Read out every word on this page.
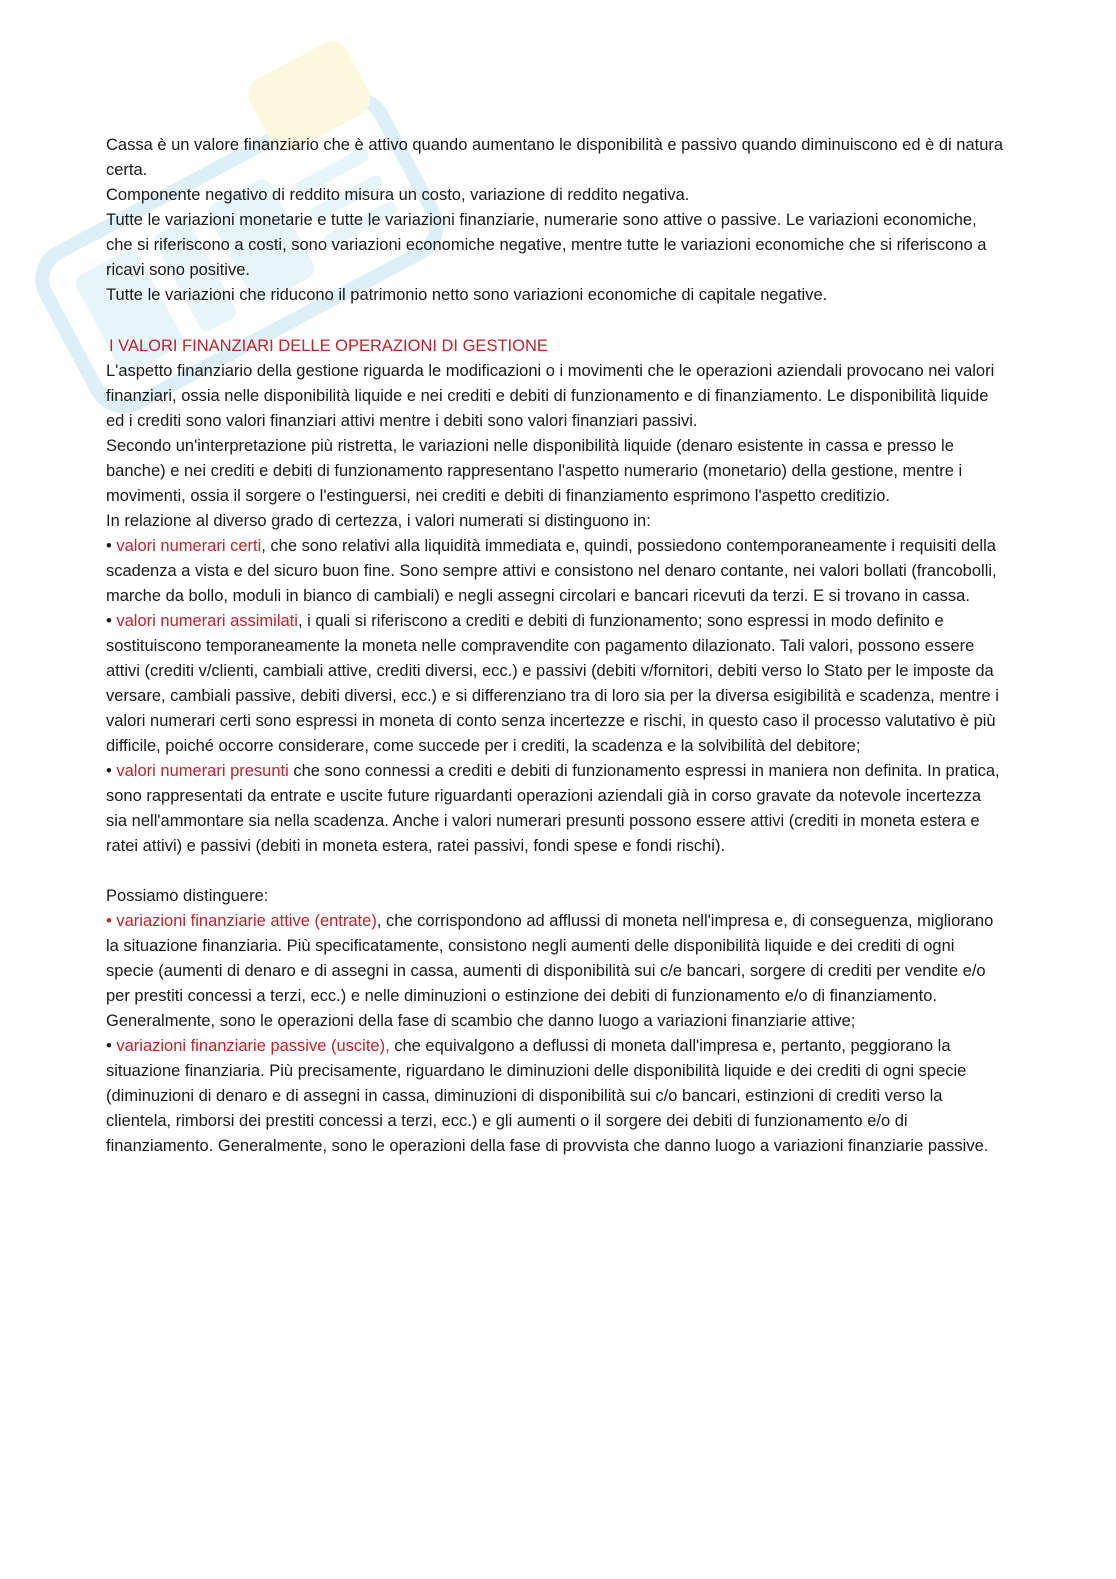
Cassa è un valore finanziario che è attivo quando aumentano le disponibilità e passivo quando diminuiscono ed è di natura certa.

Componente negativo di reddito misura un costo, variazione di reddito negativa.

Tutte le variazioni monetarie e tutte le variazioni finanziarie, numerarie sono attive o passive. Le variazioni economiche, che si riferiscono a costi, sono variazioni economiche negative, mentre tutte le variazioni economiche che si riferiscono a ricavi sono positive.

Tutte le variazioni che riducono il patrimonio netto sono variazioni economiche di capitale negative.

I VALORI FINANZIARI DELLE OPERAZIONI DI GESTIONE

L'aspetto finanziario della gestione riguarda le modificazioni o i movimenti che le operazioni aziendali provocano nei valori finanziari, ossia nelle disponibilità liquide e nei crediti e debiti di funzionamento e di finanziamento. Le disponibilità liquide ed i crediti sono valori finanziari attivi mentre i debiti sono valori finanziari passivi.

Secondo un'interpretazione più ristretta, le variazioni nelle disponibilità liquide (denaro esistente in cassa e presso le banche) e nei crediti e debiti di funzionamento rappresentano l'aspetto numerario (monetario) della gestione, mentre i movimenti, ossia il sorgere o l'estinguersi, nei crediti e debiti di finanziamento esprimono l'aspetto creditizio.

In relazione al diverso grado di certezza, i valori numerati si distinguono in:

• valori numerari certi, che sono relativi alla liquidità immediata e, quindi, possiedono contemporaneamente i requisiti della scadenza a vista e del sicuro buon fine. Sono sempre attivi e consistono nel denaro contante, nei valori bollati (francobolli, marche da bollo, moduli in bianco di cambiali) e negli assegni circolari e bancari ricevuti da terzi. E si trovano in cassa.

• valori numerari assimilati, i quali si riferiscono a crediti e debiti di funzionamento; sono espressi in modo definito e sostituiscono temporaneamente la moneta nelle compravendite con pagamento dilazionato. Tali valori, possono essere attivi (crediti v/clienti, cambiali attive, crediti diversi, ecc.) e passivi (debiti v/fornitori, debiti verso lo Stato per le imposte da versare, cambiali passive, debiti diversi, ecc.) e si differenziano tra di loro sia per la diversa esigibilità e scadenza, mentre i valori numerari certi sono espressi in moneta di conto senza incertezze e rischi, in questo caso il processo valutativo è più difficile, poiché occorre considerare, come succede per i crediti, la scadenza e la solvibilità del debitore;

• valori numerari presunti che sono connessi a crediti e debiti di funzionamento espressi in maniera non definita. In pratica, sono rappresentati da entrate e uscite future riguardanti operazioni aziendali già in corso gravate da notevole incertezza sia nell'ammontare sia nella scadenza. Anche i valori numerari presunti possono essere attivi (crediti in moneta estera e ratei attivi) e passivi (debiti in moneta estera, ratei passivi, fondi spese e fondi rischi).

Possiamo distinguere:

• variazioni finanziarie attive (entrate), che corrispondono ad afflussi di moneta nell'impresa e, di conseguenza, migliorano la situazione finanziaria. Più specificatamente, consistono negli aumenti delle disponibilità liquide e dei crediti di ogni specie (aumenti di denaro e di assegni in cassa, aumenti di disponibilità sui c/e bancari, sorgere di crediti per vendite e/o per prestiti concessi a terzi, ecc.) e nelle diminuzioni o estinzione dei debiti di funzionamento e/o di finanziamento. Generalmente, sono le operazioni della fase di scambio che danno luogo a variazioni finanziarie attive;

• variazioni finanziarie passive (uscite), che equivalgono a deflussi di moneta dall'impresa e, pertanto, peggiorano la situazione finanziaria. Più precisamente, riguardano le diminuzioni delle disponibilità liquide e dei crediti di ogni specie (diminuzioni di denaro e di assegni in cassa, diminuzioni di disponibilità sui c/o bancari, estinzioni di crediti verso la clientela, rimborsi dei prestiti concessi a terzi, ecc.) e gli aumenti o il sorgere dei debiti di funzionamento e/o di finanziamento. Generalmente, sono le operazioni della fase di provvista che danno luogo a variazioni finanziarie passive.
